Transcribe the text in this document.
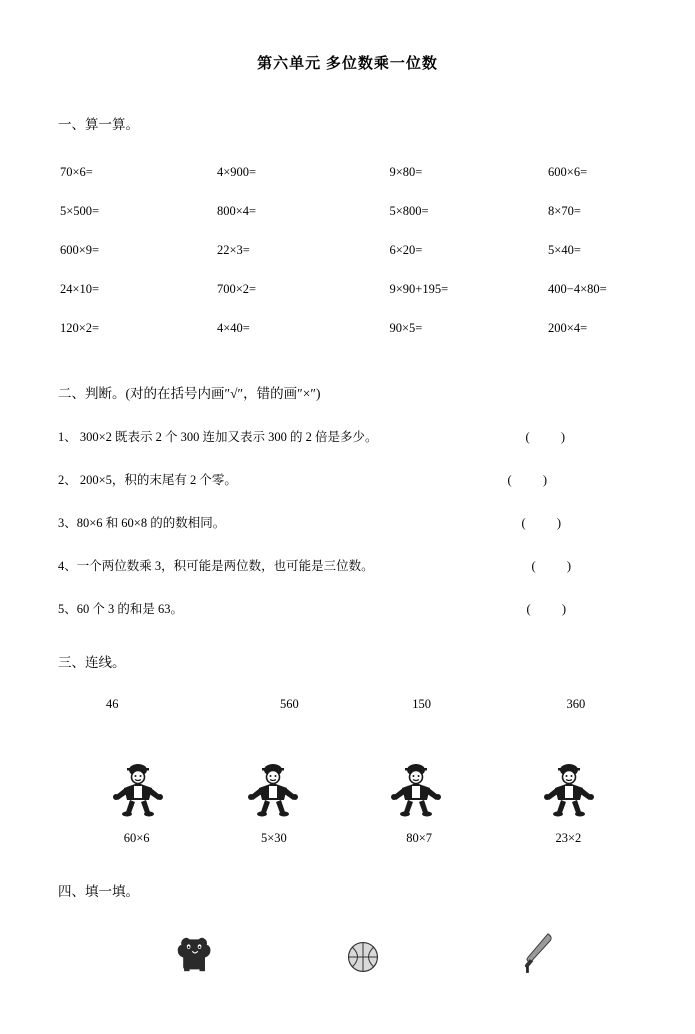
第六单元 多位数乘一位数
一、算一算。
70×6=	4×900=	9×80=	600×6=
5×500=	800×4=	5×800=	8×70=
600×9=	22×3=	6×20=	5×40=
24×10=	700×2=	9×90+195=	400−4×80=
120×2=	4×40=	90×5=	200×4=
二、判断。(对的在括号内画″√″，错的画″×″)
1、 300×2 既表示 2 个 300 连加又表示 300 的 2 倍是多少。	( )
2、 200×5，积的末尾有 2 个零。	( )
3、80×6 和 60×8 的的数相同。	( )
4、一个两位数乘 3，积可能是两位数，也可能是三位数。	( )
5、60 个 3 的和是 63。	( )
三、连线。
46	560	150	360
60×6	5×30	80×7	23×2
四、填一填。
